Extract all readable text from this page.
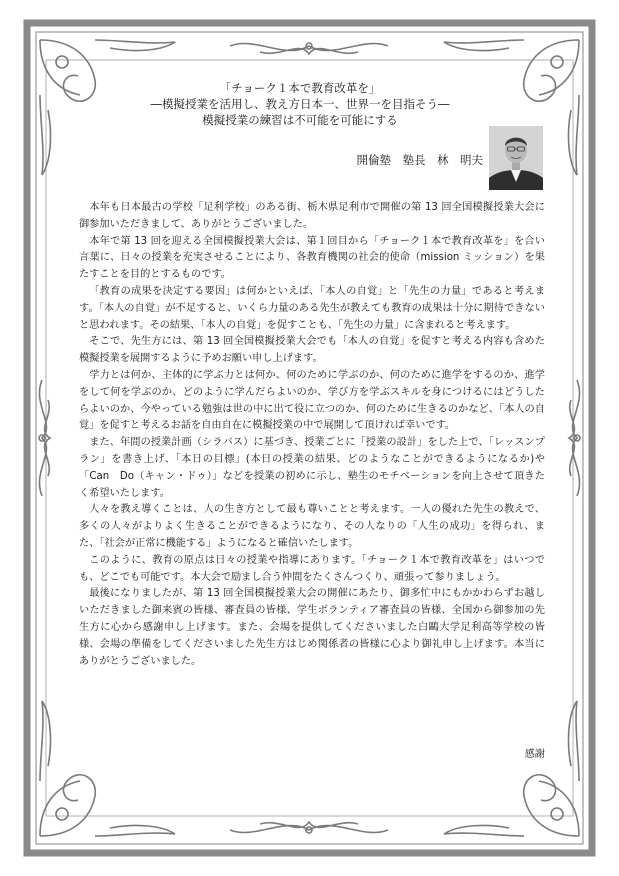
「チョーク１本で教育改革を」
―模擬授業を活用し、教え方日本一、世界一を目指そう―
模擬授業の練習は不可能を可能にする
開倫塾　塾長　林　明夫

本年も日本最古の学校「足利学校」のある街、栃木県足利市で開催の第 13 回全国模擬授業大会に御参加いただきまして、ありがとうございました。

本年で第 13 回を迎える全国模擬授業大会は、第１回目から「チョーク１本で教育改革を」を合い言葉に、日々の授業を充実させることにより、各教育機関の社会的使命（mission ミッション）を果たすことを目的とするものです。

「教育の成果を決定する要因」は何かといえば、「本人の自覚」と「先生の力量」であると考えます。「本人の自覚」が不足すると、いくら力量のある先生が教えても教育の成果は十分に期待できないと思われます。その結果、「本人の自覚」を促すことも、「先生の力量」に含まれると考えます。

そこで、先生方には、第 13 回全国模擬授業大会でも「本人の自覚」を促すと考える内容も含めた模擬授業を展開するように予めお願い申し上げます。

学力とは何か、主体的に学ぶ力とは何か、何のために学ぶのか、何のために進学をするのか、進学をして何を学ぶのか、どのように学んだらよいのか、学び方を学ぶスキルを身につけるにはどうしたらよいのか、今やっている勉強は世の中に出て役に立つのか、何のために生きるのかなど、「本人の自覚」を促すと考えるお話を自由自在に模擬授業の中で展開して頂ければ幸いです。

また、年間の授業計画（シラバス）に基づき、授業ごとに「授業の設計」をした上で、「レッスンプラン」を書き上げ、「本日の目標」(本日の授業の結果、どのようなことができるようになるか)や「Can　Do（キャン・ドゥ）」などを授業の初めに示し、塾生のモチベーションを向上させて頂きたく希望いたします。

人々を教え導くことは、人の生き方として最も尊いことと考えます。一人の優れた先生の教えで、多くの人々がよりよく生きることができるようになり、その人なりの「人生の成功」を得られ、また、「社会が正常に機能する」ようになると確信いたします。

このように、教育の原点は日々の授業や指導にあります。「チョーク１本で教育改革を」はいつでも、どこでも可能です。本大会で励まし合う仲間をたくさんつくり、頑張って参りましょう。

最後になりましたが、第 13 回全国模擬授業大会の開催にあたり、御多忙中にもかかわらずお越しいただきました御来賓の皆様、審査員の皆様、学生ボランティア審査員の皆様、全国から御参加の先生方に心から感謝申し上げます。また、会場を提供してくださいました白鷗大学足利高等学校の皆様、会場の準備をしてくださいました先生方はじめ関係者の皆様に心より御礼申し上げます。本当にありがとうございました。

感謝
